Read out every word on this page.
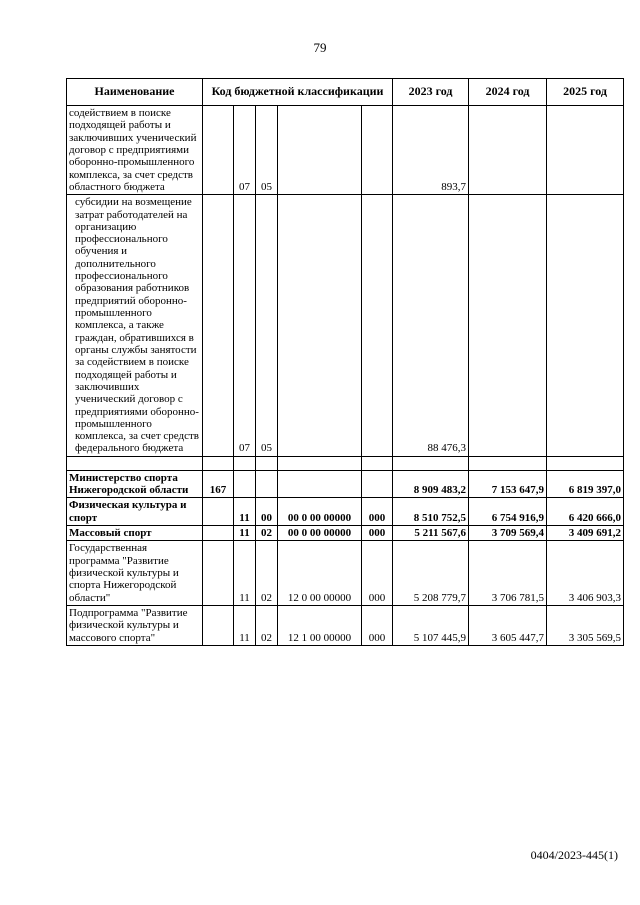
79
Наименование	Код бюджетной классификации					2023 год	2024 год	2025 год
содействием в поиске подходящей работы и заключивших ученический договор с предприятиями оборонно-промышленного комплекса, за счет средств областного бюджета		07	05			893,7		
субсидии на возмещение затрат работодателей на организацию профессионального обучения и дополнительного профессионального образования работников предприятий оборонно-промышленного комплекса, а также граждан, обратившихся в органы службы занятости за содействием в поиске подходящей работы и заключивших ученический договор с предприятиями оборонно-промышленного комплекса, за счет средств федерального бюджета		07	05			88 476,3		

Министерство спорта Нижегородской области	167					8 909 483,2	7 153 647,9	6 819 397,0
Физическая культура и спорт		11	00	00 0 00 00000	000	8 510 752,5	6 754 916,9	6 420 666,0
Массовый спорт		11	02	00 0 00 00000	000	5 211 567,6	3 709 569,4	3 409 691,2
Государственная программа "Развитие физической культуры и спорта Нижегородской области"		11	02	12 0 00 00000	000	5 208 779,7	3 706 781,5	3 406 903,3
Подпрограмма "Развитие физической культуры и массового спорта"		11	02	12 1 00 00000	000	5 107 445,9	3 605 447,7	3 305 569,5
0404/2023-445(1)
